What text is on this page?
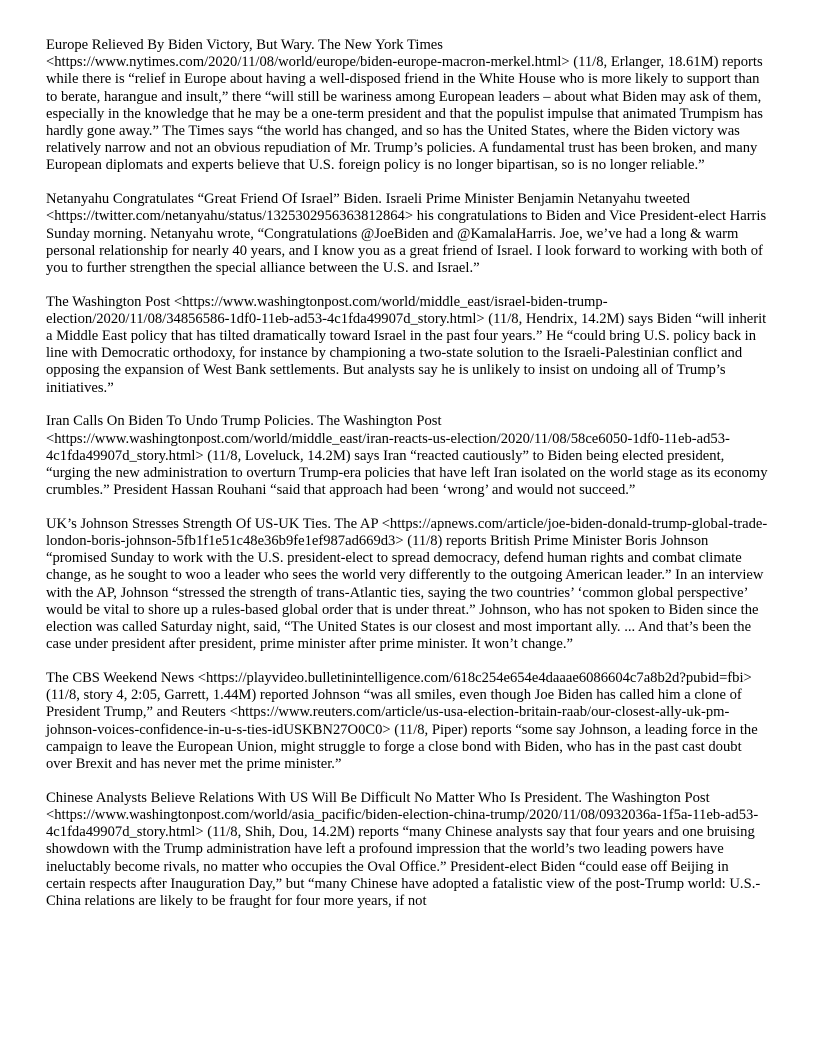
Europe Relieved By Biden Victory, But Wary. The New York Times <https://www.nytimes.com/2020/11/08/world/europe/biden-europe-macron-merkel.html> (11/8, Erlanger, 18.61M) reports while there is “relief in Europe about having a well-disposed friend in the White House who is more likely to support than to berate, harangue and insult,” there “will still be wariness among European leaders – about what Biden may ask of them, especially in the knowledge that he may be a one-term president and that the populist impulse that animated Trumpism has hardly gone away.” The Times says “the world has changed, and so has the United States, where the Biden victory was relatively narrow and not an obvious repudiation of Mr. Trump’s policies. A fundamental trust has been broken, and many European diplomats and experts believe that U.S. foreign policy is no longer bipartisan, so is no longer reliable.”

Netanyahu Congratulates “Great Friend Of Israel” Biden. Israeli Prime Minister Benjamin Netanyahu tweeted <https://twitter.com/netanyahu/status/1325302956363812864> his congratulations to Biden and Vice President-elect Harris Sunday morning. Netanyahu wrote, “Congratulations @JoeBiden and @KamalaHarris. Joe, we’ve had a long & warm personal relationship for nearly 40 years, and I know you as a great friend of Israel. I look forward to working with both of you to further strengthen the special alliance between the U.S. and Israel.”

The Washington Post <https://www.washingtonpost.com/world/middle_east/israel-biden-trump-election/2020/11/08/34856586-1df0-11eb-ad53-4c1fda49907d_story.html> (11/8, Hendrix, 14.2M) says Biden “will inherit a Middle East policy that has tilted dramatically toward Israel in the past four years.” He “could bring U.S. policy back in line with Democratic orthodoxy, for instance by championing a two-state solution to the Israeli-Palestinian conflict and opposing the expansion of West Bank settlements. But analysts say he is unlikely to insist on undoing all of Trump’s initiatives.”

Iran Calls On Biden To Undo Trump Policies. The Washington Post <https://www.washingtonpost.com/world/middle_east/iran-reacts-us-election/2020/11/08/58ce6050-1df0-11eb-ad53-4c1fda49907d_story.html> (11/8, Loveluck, 14.2M) says Iran “reacted cautiously” to Biden being elected president, “urging the new administration to overturn Trump-era policies that have left Iran isolated on the world stage as its economy crumbles.” President Hassan Rouhani “said that approach had been ‘wrong’ and would not succeed.”

UK’s Johnson Stresses Strength Of US-UK Ties. The AP <https://apnews.com/article/joe-biden-donald-trump-global-trade-london-boris-johnson-5fb1f1e51c48e36b9fe1ef987ad669d3> (11/8) reports British Prime Minister Boris Johnson “promised Sunday to work with the U.S. president-elect to spread democracy, defend human rights and combat climate change, as he sought to woo a leader who sees the world very differently to the outgoing American leader.” In an interview with the AP, Johnson “stressed the strength of trans-Atlantic ties, saying the two countries’ ‘common global perspective’ would be vital to shore up a rules-based global order that is under threat.” Johnson, who has not spoken to Biden since the election was called Saturday night, said, “The United States is our closest and most important ally. ... And that’s been the case under president after president, prime minister after prime minister. It won’t change.”

The CBS Weekend News <https://playvideo.bulletinintelligence.com/618c254e654e4daaae6086604c7a8b2d?pubid=fbi> (11/8, story 4, 2:05, Garrett, 1.44M) reported Johnson “was all smiles, even though Joe Biden has called him a clone of President Trump,” and Reuters <https://www.reuters.com/article/us-usa-election-britain-raab/our-closest-ally-uk-pm-johnson-voices-confidence-in-u-s-ties-idUSKBN27O0C0> (11/8, Piper) reports “some say Johnson, a leading force in the campaign to leave the European Union, might struggle to forge a close bond with Biden, who has in the past cast doubt over Brexit and has never met the prime minister.”

Chinese Analysts Believe Relations With US Will Be Difficult No Matter Who Is President. The Washington Post <https://www.washingtonpost.com/world/asia_pacific/biden-election-china-trump/2020/11/08/0932036a-1f5a-11eb-ad53-4c1fda49907d_story.html> (11/8, Shih, Dou, 14.2M) reports “many Chinese analysts say that four years and one bruising showdown with the Trump administration have left a profound impression that the world’s two leading powers have ineluctably become rivals, no matter who occupies the Oval Office.” President-elect Biden “could ease off Beijing in certain respects after Inauguration Day,” but “many Chinese have adopted a fatalistic view of the post-Trump world: U.S.-China relations are likely to be fraught for four more years, if not
